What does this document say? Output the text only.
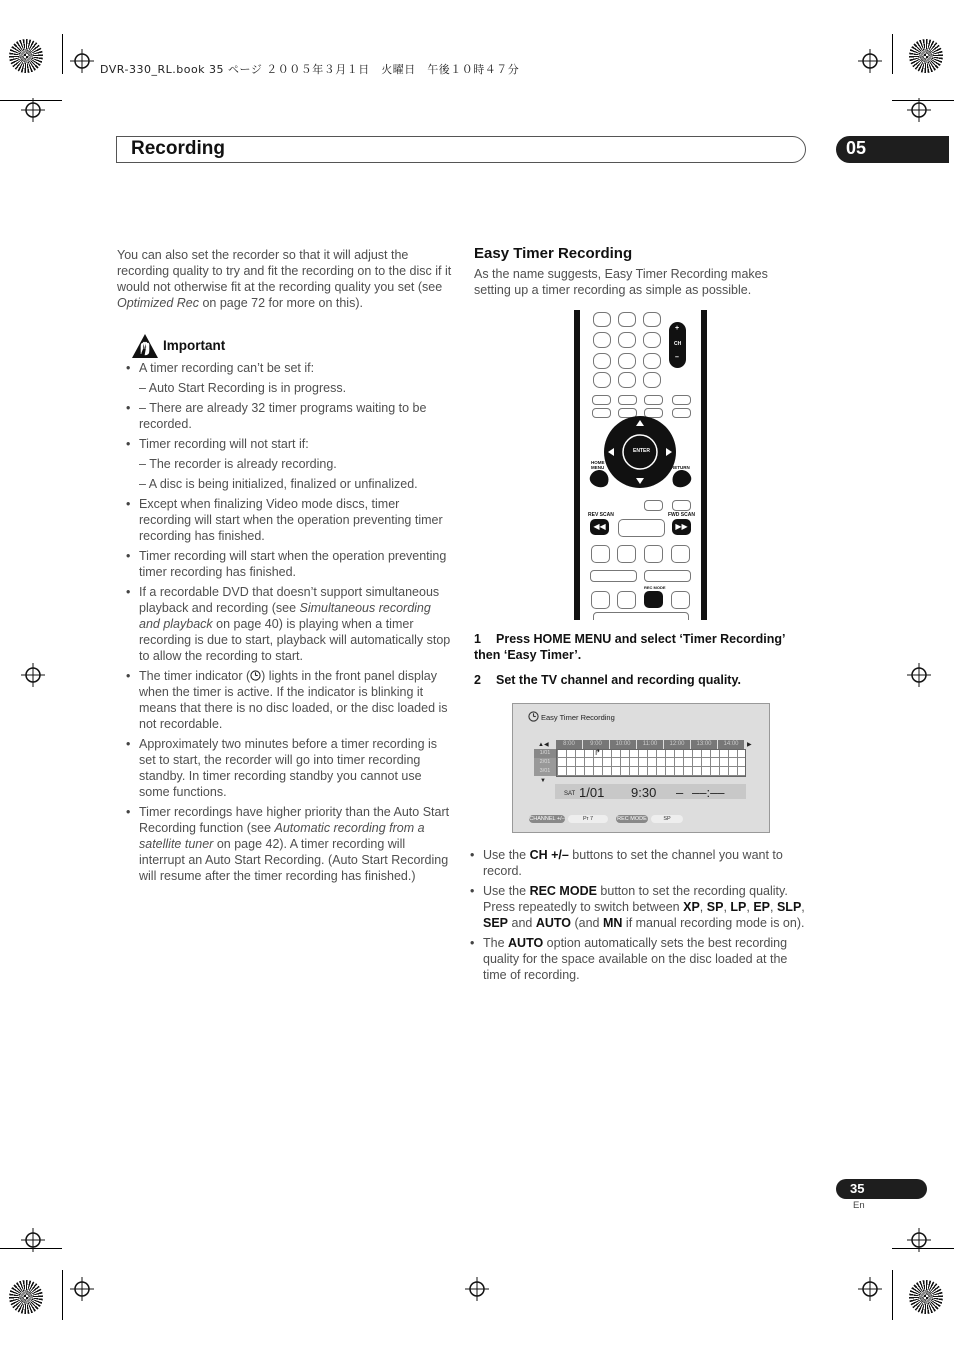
DVR-330_RL.book 35 ページ ２００５年３月１日　火曜日　午後１０時４７分
Recording	05

You can also set the recorder so that it will adjust the recording quality to try and fit the recording on to the disc if it would not otherwise fit at the recording quality you set (see Optimized Rec on page 72 for more on this).

Important
• A timer recording can’t be set if:
– Auto Start Recording is in progress.
• – There are already 32 timer programs waiting to be recorded.
• Timer recording will not start if:
– The recorder is already recording.
– A disc is being initialized, finalized or unfinalized.
• Except when finalizing Video mode discs, timer recording will start when the operation preventing timer recording has finished.
• Timer recording will start when the operation preventing timer recording has finished.
• If a recordable DVD that doesn’t support simultaneous playback and recording (see Simultaneous recording and playback on page 40) is playing when a timer recording is due to start, playback will automatically stop to allow the recording to start.
• The timer indicator ( ) lights in the front panel display when the timer is active. If the indicator is blinking it means that there is no disc loaded, or the disc loaded is not recordable.
• Approximately two minutes before a timer recording is set to start, the recorder will go into timer recording standby. In timer recording standby you cannot use some functions.
• Timer recordings have higher priority than the Auto Start Recording function (see Automatic recording from a satellite tuner on page 42). A timer recording will interrupt an Auto Start Recording. (Auto Start Recording will resume after the timer recording has finished.)
Easy Timer Recording
As the name suggests, Easy Timer Recording makes setting up a timer recording as simple as possible.
+
CH
–
ENTER
HOME
MENU	RETURN
REV SCAN	FWD SCAN
◀◀	▶▶
REC MODE
1 Press HOME MENU and select ‘Timer Recording’ then ‘Easy Timer’.
2 Set the TV channel and recording quality.
Easy Timer Recording
▲◀	▶
▼
8:00	9:00	10:00	11:00	12:00	13:00	14:00
1/01
2/01
3/01
↱
SAT 1/01 9:30 – ––:––
CHANNEL +/–	Pr 7	REC MODE	SP
• Use the CH +/– buttons to set the channel you want to record.
• Use the REC MODE button to set the recording quality. Press repeatedly to switch between XP, SP, LP, EP, SLP, SEP and AUTO (and MN if manual recording mode is on).
• The AUTO option automatically sets the best recording quality for the space available on the disc loaded at the time of recording.
35
En
